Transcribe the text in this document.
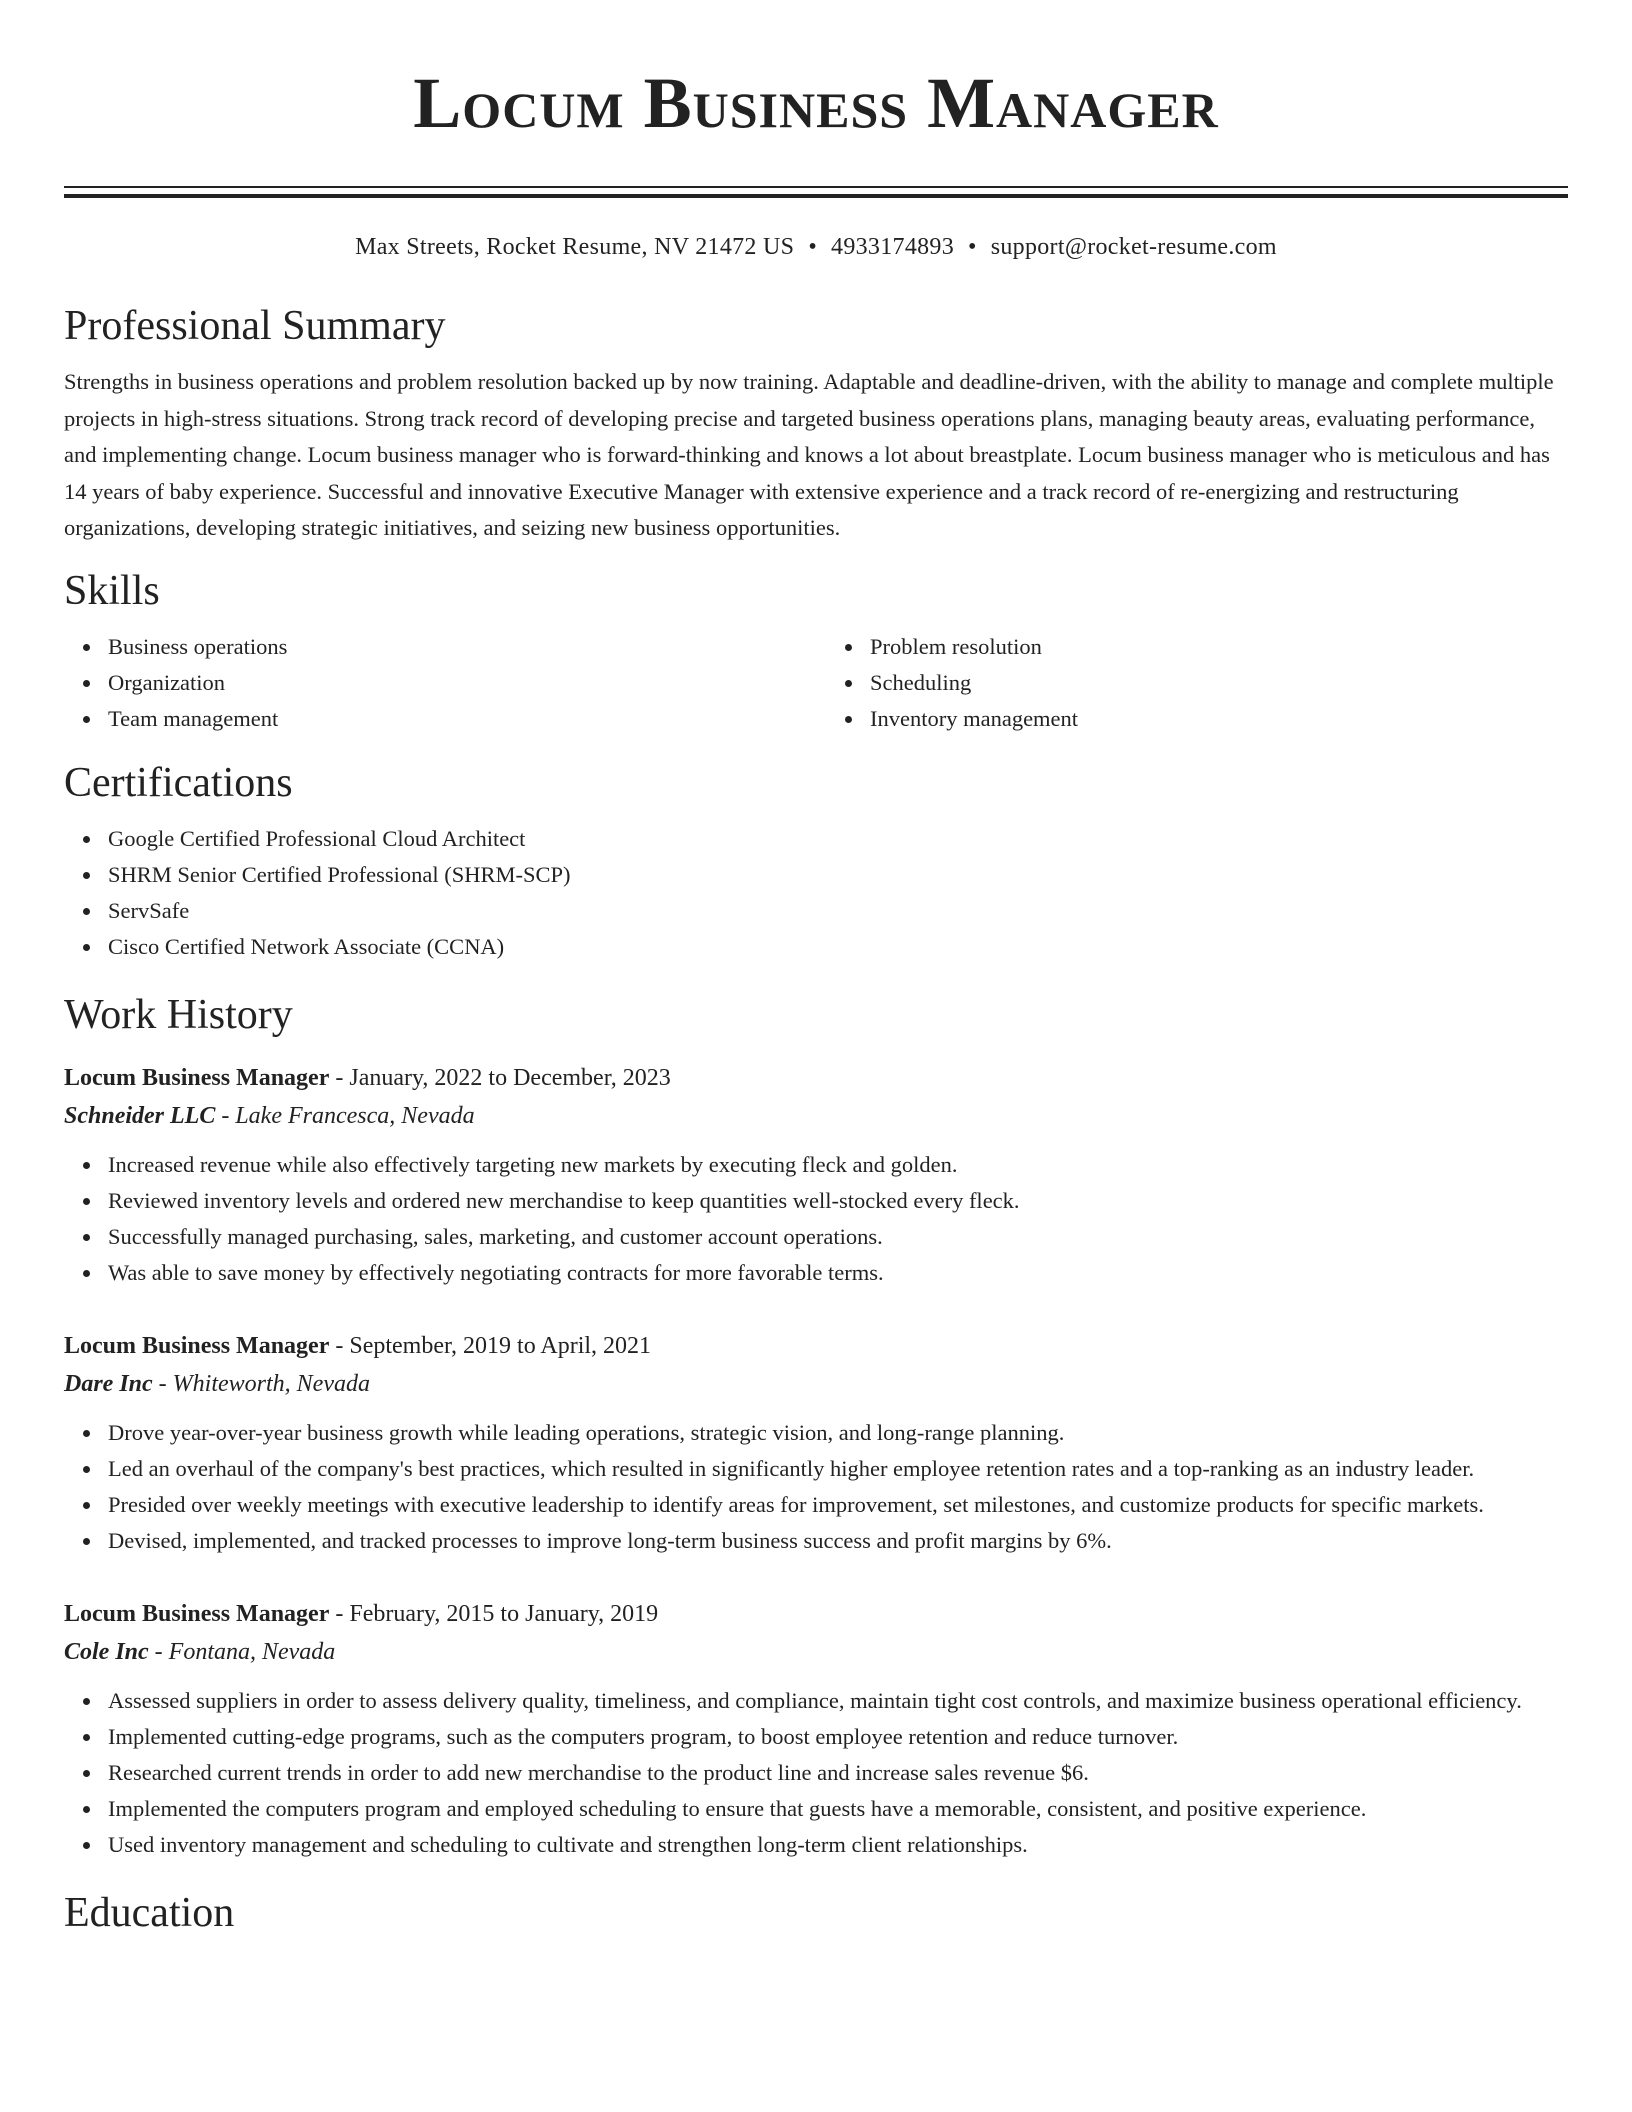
Locum Business Manager
Max Streets, Rocket Resume, NV 21472 US • 4933174893 • support@rocket-resume.com
Professional Summary
Strengths in business operations and problem resolution backed up by now training. Adaptable and deadline-driven, with the ability to manage and complete multiple projects in high-stress situations. Strong track record of developing precise and targeted business operations plans, managing beauty areas, evaluating performance, and implementing change. Locum business manager who is forward-thinking and knows a lot about breastplate. Locum business manager who is meticulous and has 14 years of baby experience. Successful and innovative Executive Manager with extensive experience and a track record of re-energizing and restructuring organizations, developing strategic initiatives, and seizing new business opportunities.
Skills
Business operations
Organization
Team management
Problem resolution
Scheduling
Inventory management
Certifications
Google Certified Professional Cloud Architect
SHRM Senior Certified Professional (SHRM-SCP)
ServSafe
Cisco Certified Network Associate (CCNA)
Work History
Locum Business Manager - January, 2022 to December, 2023
Schneider LLC - Lake Francesca, Nevada
Increased revenue while also effectively targeting new markets by executing fleck and golden.
Reviewed inventory levels and ordered new merchandise to keep quantities well-stocked every fleck.
Successfully managed purchasing, sales, marketing, and customer account operations.
Was able to save money by effectively negotiating contracts for more favorable terms.
Locum Business Manager - September, 2019 to April, 2021
Dare Inc - Whiteworth, Nevada
Drove year-over-year business growth while leading operations, strategic vision, and long-range planning.
Led an overhaul of the company's best practices, which resulted in significantly higher employee retention rates and a top-ranking as an industry leader.
Presided over weekly meetings with executive leadership to identify areas for improvement, set milestones, and customize products for specific markets.
Devised, implemented, and tracked processes to improve long-term business success and profit margins by 6%.
Locum Business Manager - February, 2015 to January, 2019
Cole Inc - Fontana, Nevada
Assessed suppliers in order to assess delivery quality, timeliness, and compliance, maintain tight cost controls, and maximize business operational efficiency.
Implemented cutting-edge programs, such as the computers program, to boost employee retention and reduce turnover.
Researched current trends in order to add new merchandise to the product line and increase sales revenue $6.
Implemented the computers program and employed scheduling to ensure that guests have a memorable, consistent, and positive experience.
Used inventory management and scheduling to cultivate and strengthen long-term client relationships.
Education
